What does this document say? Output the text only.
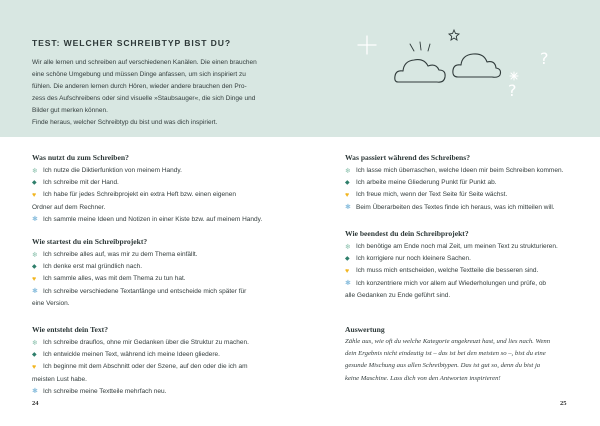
TEST: WELCHER SCHREIBTYP BIST DU?
Wir alle lernen und schreiben auf verschiedenen Kanälen. Die einen brauchen
eine schöne Umgebung und müssen Dinge anfassen, um sich inspiriert zu
fühlen. Die anderen lernen durch Hören, wieder andere brauchen den Pro-
zess des Aufschreibens oder sind visuelle »Staubsauger«, die sich Dinge und
Bilder gut merken können.
Finde heraus, welcher Schreibtyp du bist und was dich inspiriert.
?
?
Was nutzt du zum Schreiben?
❄ Ich nutze die Diktierfunktion von meinem Handy.
◆ Ich schreibe mit der Hand.
♥	Ich habe für jedes Schreibprojekt ein extra Heft bzw. einen eigenen
Ordner auf dem Rechner.
✱ Ich sammle meine Ideen und Notizen in einer Kiste bzw. auf meinem Handy.
Wie startest du ein Schreibprojekt?
❄ Ich schreibe alles auf, was mir zu dem Thema einfällt.
◆ Ich denke erst mal gründlich nach.
♥	Ich sammle alles, was mit dem Thema zu tun hat.
✱ Ich schreibe verschiedene Textanfänge und entscheide mich später für
eine Version.
Wie entsteht dein Text?
❄ Ich schreibe drauflos, ohne mir Gedanken über die Struktur zu machen.
◆ Ich entwickle meinen Text, während ich meine Ideen gliedere.
♥	Ich beginne mit dem Abschnitt oder der Szene, auf den oder die ich am
meisten Lust habe.
✱ Ich schreibe meine Textteile mehrfach neu.
24
Was passiert während des Schreibens?
❄ Ich lasse mich überraschen, welche Ideen mir beim Schreiben kommen.
◆ Ich arbeite meine Gliederung Punkt für Punkt ab.
♥	Ich freue mich, wenn der Text Seite für Seite wächst.
✱ Beim Überarbeiten des Textes finde ich heraus, was ich mitteilen will.
Wie beendest du dein Schreibprojekt?
❄ Ich benötige am Ende noch mal Zeit, um meinen Text zu strukturieren.
◆ Ich korrigiere nur noch kleinere Sachen.
♥	Ich muss mich entscheiden, welche Textteile die besseren sind.
✱ Ich konzentriere mich vor allem auf Wiederholungen und prüfe, ob
alle Gedanken zu Ende geführt sind.
Auswertung
Zähle aus, wie oft du welche Kategorie angekreuzt hast, und lies nach. Wenn
dein Ergebnis nicht eindeutig ist – das ist bei den meisten so –, bist du eine
gesunde Mischung aus allen Schreibtypen. Das ist gut so, denn du bist ja
keine Maschine. Lass dich von den Antworten inspirieren!
25
